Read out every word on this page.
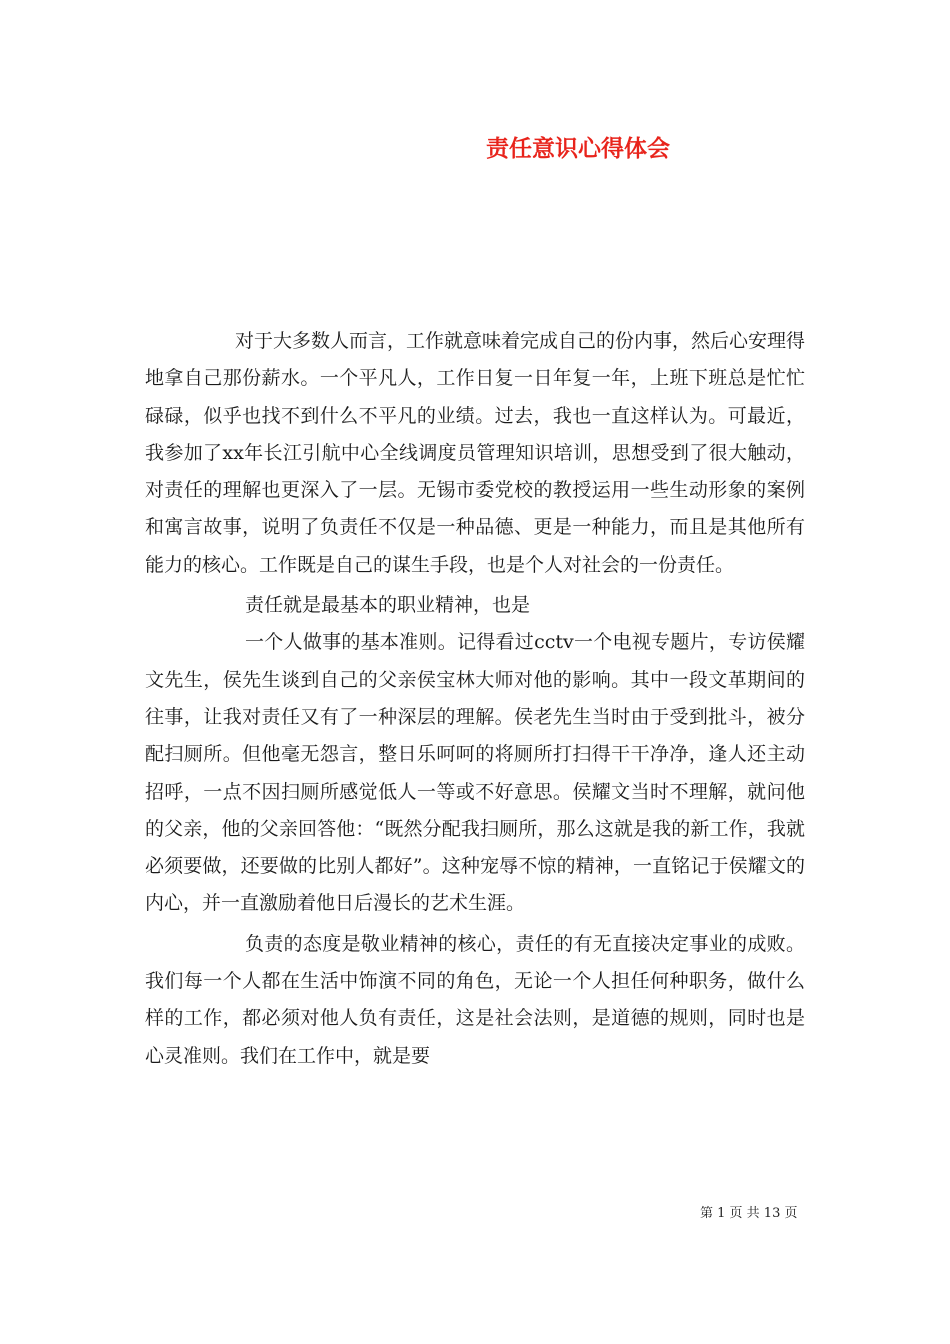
责任意识心得体会

对于大多数人而言，工作就意味着完成自己的份内事，然后心安理得地拿自己那份薪水。一个平凡人，工作日复一日年复一年，上班下班总是忙忙碌碌，似乎也找不到什么不平凡的业绩。过去，我也一直这样认为。可最近，我参加了xx年长江引航中心全线调度员管理知识培训，思想受到了很大触动，对责任的理解也更深入了一层。无锡市委党校的教授运用一些生动形象的案例和寓言故事，说明了负责任不仅是一种品德、更是一种能力，而且是其他所有能力的核心。工作既是自己的谋生手段，也是个人对社会的一份责任。

责任就是最基本的职业精神，也是

一个人做事的基本准则。记得看过cctv一个电视专题片，专访侯耀文先生，侯先生谈到自己的父亲侯宝林大师对他的影响。其中一段文革期间的往事，让我对责任又有了一种深层的理解。侯老先生当时由于受到批斗，被分配扫厕所。但他毫无怨言，整日乐呵呵的将厕所打扫得干干净净，逢人还主动招呼，一点不因扫厕所感觉低人一等或不好意思。侯耀文当时不理解，就问他的父亲，他的父亲回答他：“既然分配我扫厕所，那么这就是我的新工作，我就必须要做，还要做的比别人都好”。这种宠辱不惊的精神，一直铭记于侯耀文的内心，并一直激励着他日后漫长的艺术生涯。

负责的态度是敬业精神的核心，责任的有无直接决定事业的成败。我们每一个人都在生活中饰演不同的角色，无论一个人担任何种职务，做什么样的工作，都必须对他人负有责任，这是社会法则，是道德的规则，同时也是心灵准则。我们在工作中，就是要

第 1 页 共 13 页
